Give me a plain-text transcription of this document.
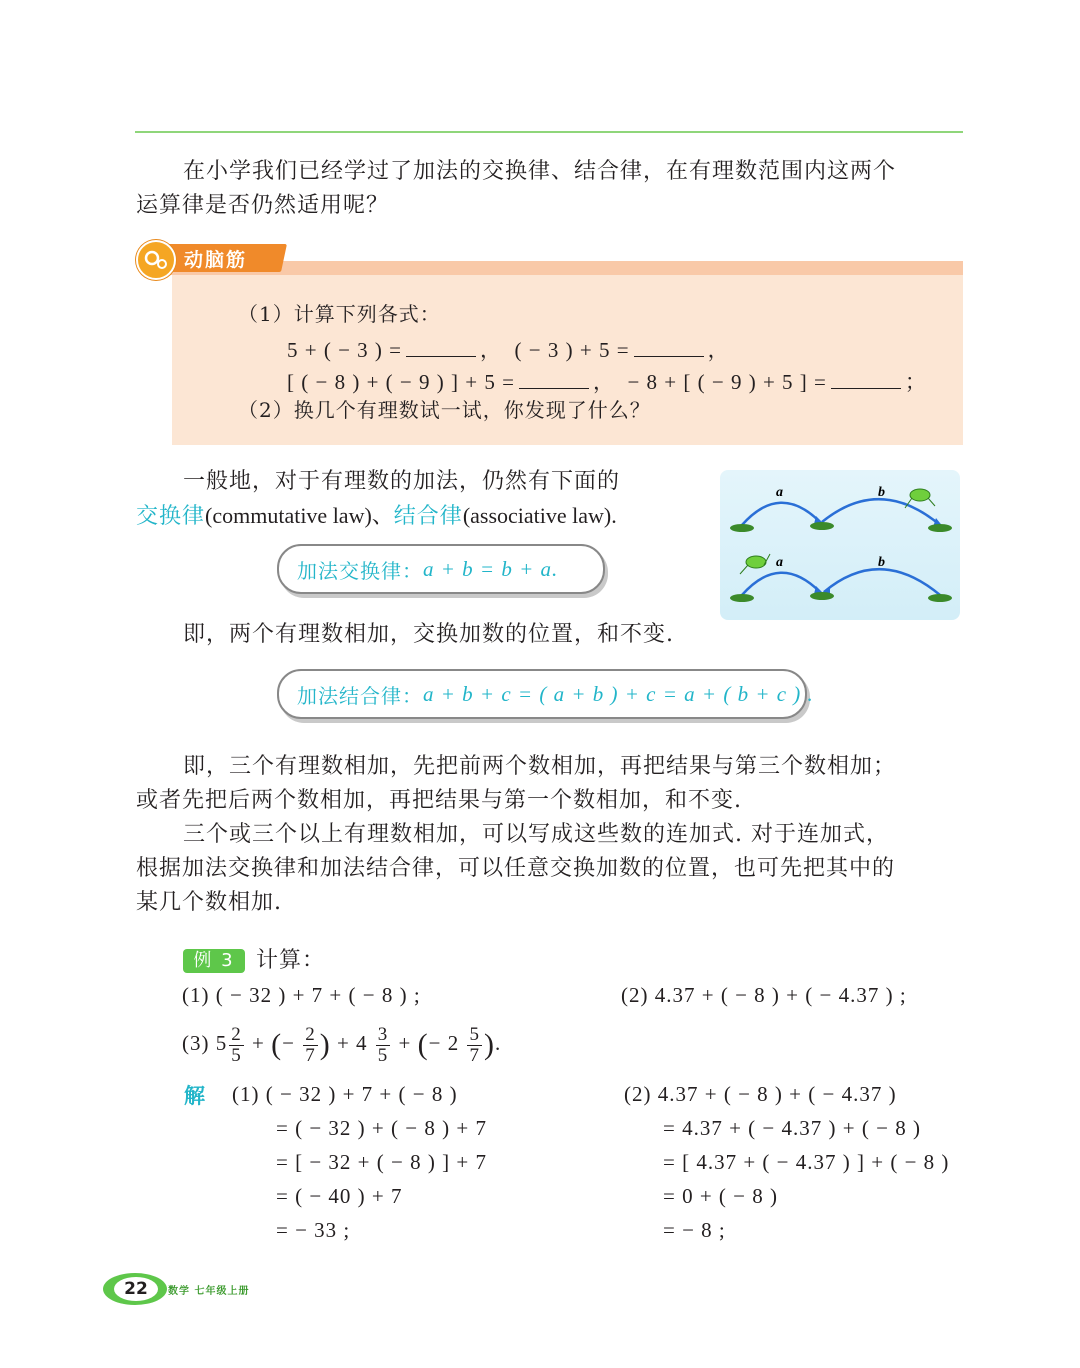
在小学我们已经学过了加法的交换律、结合律，在有理数范围内这两个
运算律是否仍然适用呢？
动脑筋
（1）计算下列各式：
5 + ( − 3 ) =	，  ( − 3 ) + 5 =	，
[ ( − 8 ) + ( − 9 ) ] + 5 =	，  − 8 + [ ( − 9 ) + 5 ] =	；
（2）换几个有理数试一试，你发现了什么？
一般地，对于有理数的加法，仍然有下面的
交换律(commutative law)、结合律(associative law).
加法交换律： a + b = b + a.
即，两个有理数相加，交换加数的位置，和不变.
加法结合律： a + b + c = ( a + b ) + c = a + ( b + c ) .
a	b
a	b
即，三个有理数相加，先把前两个数相加，再把结果与第三个数相加；
或者先把后两个数相加，再把结果与第一个数相加，和不变.
三个或三个以上有理数相加，可以写成这些数的连加式. 对于连加式，
根据加法交换律和加法结合律，可以任意交换加数的位置，也可先把其中的
某几个数相加.
例 3 计算：
(1) ( − 32 ) + 7 + ( − 8 ) ;	(2) 4.37 + ( − 8 ) + ( − 4.37 ) ;
(3) $5 \frac{2}{5}$ + (− $\frac{2}{7}$ ) + $4 \frac{3}{5}$ + (− $2 \frac{5}{7}$ ).
解 (1) ( − 32 ) + 7 + ( − 8 )
= ( − 32 ) + ( − 8 ) + 7
= [ − 32 + ( − 8 ) ] + 7
= ( − 40 ) + 7
= − 33 ;
(2) 4.37 + ( − 8 ) + ( − 4.37 )
= 4.37 + ( − 4.37 ) + ( − 8 )
= [ 4.37 + ( − 4.37 ) ] + ( − 8 )
= 0 + ( − 8 )
= − 8 ;
22	数学 七年级上册
